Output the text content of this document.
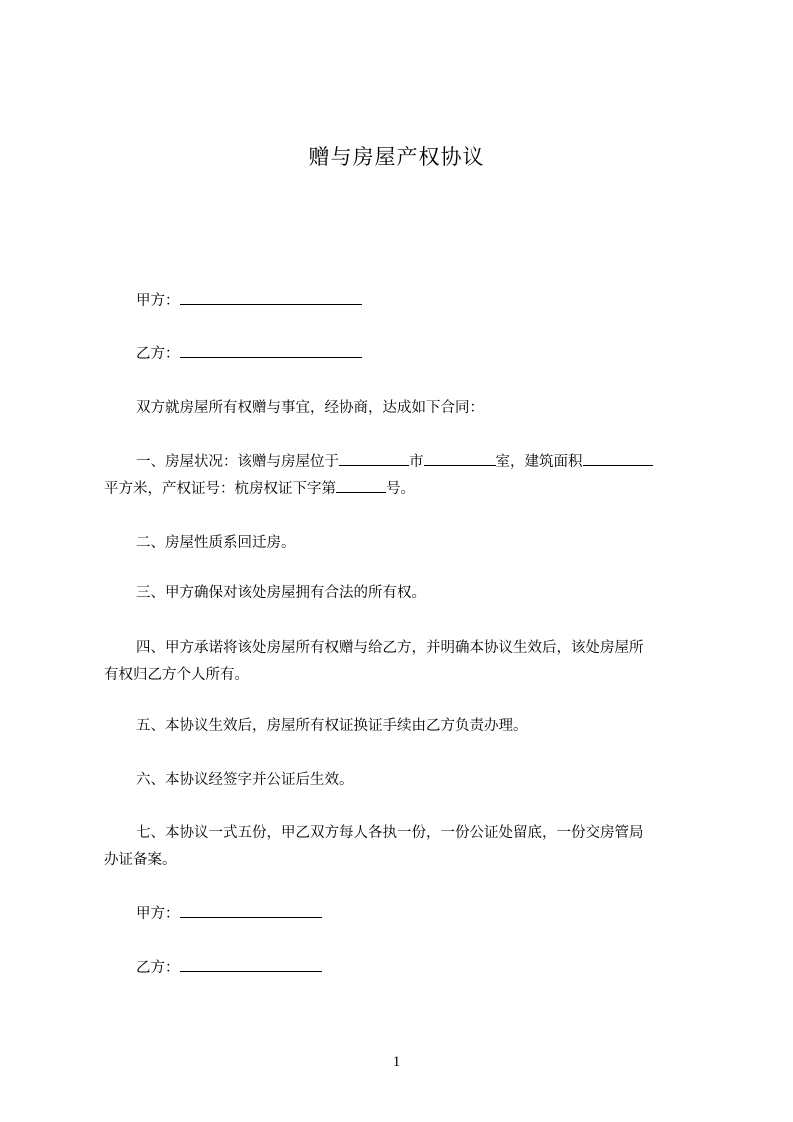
赠与房屋产权协议
甲方：
乙方：
双方就房屋所有权赠与事宜，经协商，达成如下合同：
一、房屋状况：该赠与房屋位于	市	室，建筑面积
平方米，产权证号：杭房权证下字第	号。
二、房屋性质系回迁房。
三、甲方确保对该处房屋拥有合法的所有权。
四、甲方承诺将该处房屋所有权赠与给乙方，并明确本协议生效后，该处房屋所
有权归乙方个人所有。
五、本协议生效后，房屋所有权证换证手续由乙方负责办理。
六、本协议经签字并公证后生效。
七、本协议一式五份，甲乙双方每人各执一份，一份公证处留底，一份交房管局
办证备案。
甲方：
乙方：
1
